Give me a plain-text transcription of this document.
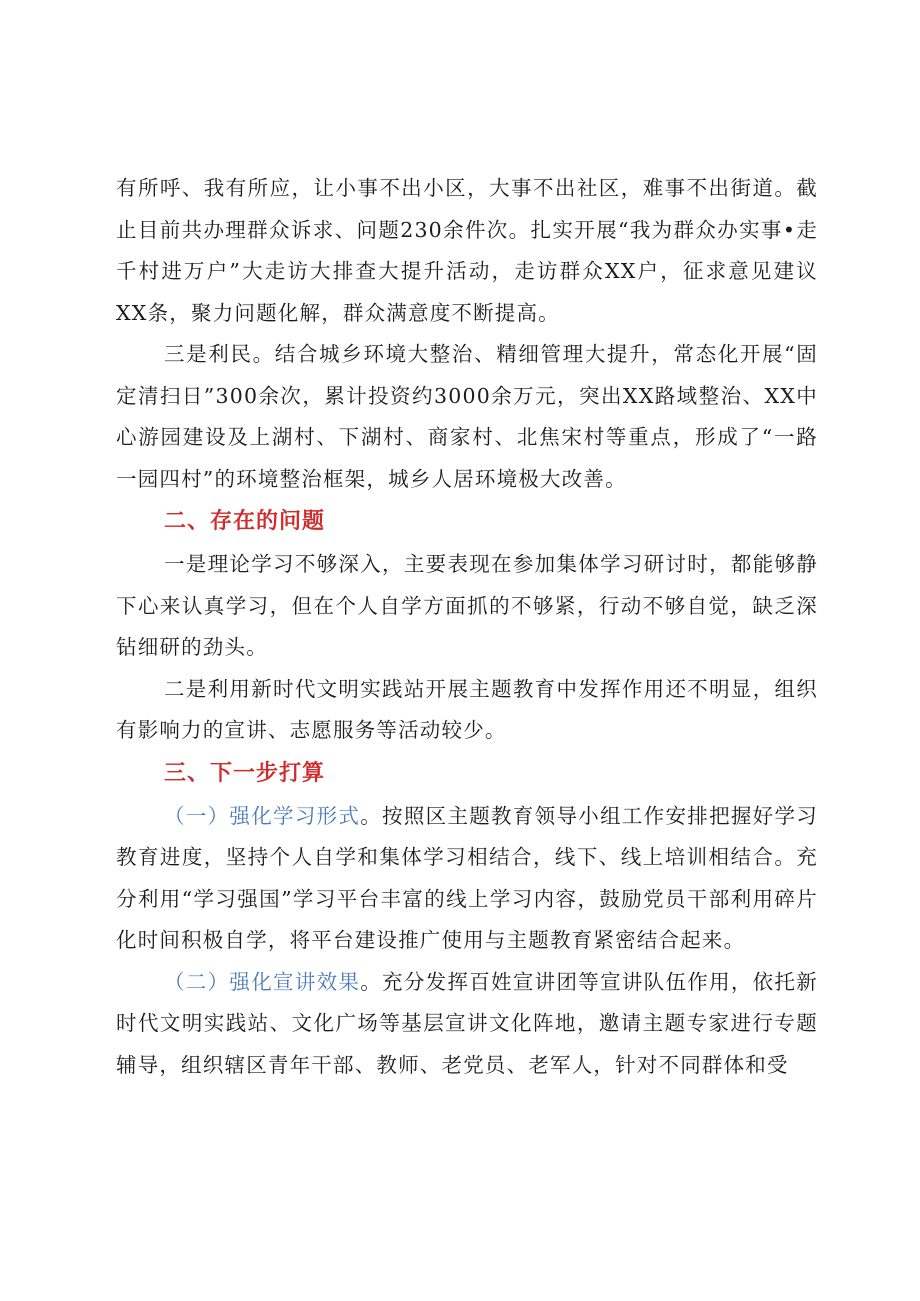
有所呼、我有所应，让小事不出小区，大事不出社区，难事不出街道。截止目前共办理群众诉求、问题230余件次。扎实开展“我为群众办实事•走千村进万户”大走访大排查大提升活动，走访群众XX户，征求意见建议XX条，聚力问题化解，群众满意度不断提高。

三是利民。结合城乡环境大整治、精细管理大提升，常态化开展“固定清扫日”300余次，累计投资约3000余万元，突出XX路域整治、XX中心游园建设及上湖村、下湖村、商家村、北焦宋村等重点，形成了“一路一园四村”的环境整治框架，城乡人居环境极大改善。

二、存在的问题

一是理论学习不够深入，主要表现在参加集体学习研讨时，都能够静下心来认真学习，但在个人自学方面抓的不够紧，行动不够自觉，缺乏深钻细研的劲头。

二是利用新时代文明实践站开展主题教育中发挥作用还不明显，组织有影响力的宣讲、志愿服务等活动较少。

三、下一步打算

（一）强化学习形式。按照区主题教育领导小组工作安排把握好学习教育进度，坚持个人自学和集体学习相结合，线下、线上培训相结合。充分利用“学习强国”学习平台丰富的线上学习内容，鼓励党员干部利用碎片化时间积极自学，将平台建设推广使用与主题教育紧密结合起来。

（二）强化宣讲效果。充分发挥百姓宣讲团等宣讲队伍作用，依托新时代文明实践站、文化广场等基层宣讲文化阵地，邀请主题专家进行专题辅导，组织辖区青年干部、教师、老党员、老军人，针对不同群体和受
